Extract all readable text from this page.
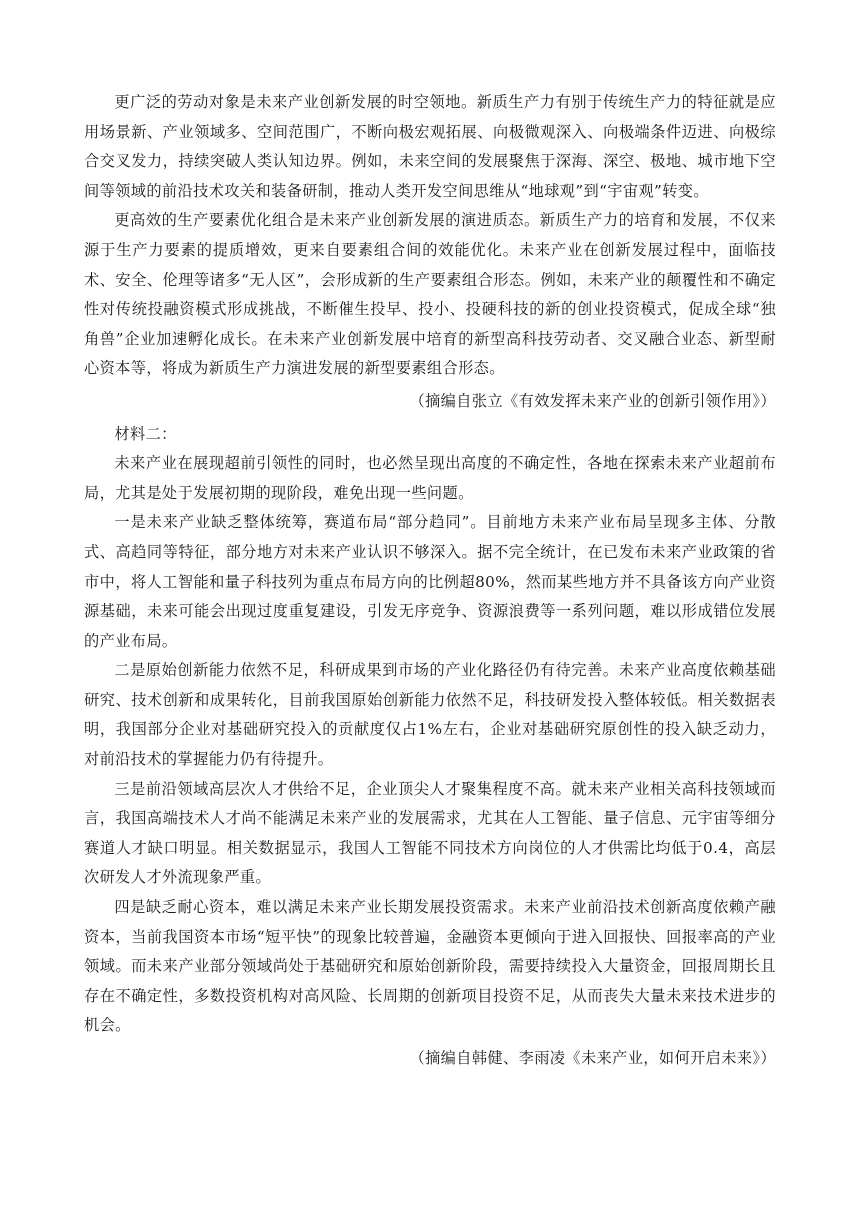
更广泛的劳动对象是未来产业创新发展的时空领地。新质生产力有别于传统生产力的特征就是应用场景新、产业领域多、空间范围广，不断向极宏观拓展、向极微观深入、向极端条件迈进、向极综合交叉发力，持续突破人类认知边界。例如，未来空间的发展聚焦于深海、深空、极地、城市地下空间等领域的前沿技术攻关和装备研制，推动人类开发空间思维从“地球观”到“宇宙观”转变。

更高效的生产要素优化组合是未来产业创新发展的演进质态。新质生产力的培育和发展，不仅来源于生产力要素的提质增效，更来自要素组合间的效能优化。未来产业在创新发展过程中，面临技术、安全、伦理等诸多“无人区”，会形成新的生产要素组合形态。例如，未来产业的颠覆性和不确定性对传统投融资模式形成挑战，不断催生投早、投小、投硬科技的新的创业投资模式，促成全球“独角兽”企业加速孵化成长。在未来产业创新发展中培育的新型高科技劳动者、交叉融合业态、新型耐心资本等，将成为新质生产力演进发展的新型要素组合形态。

（摘编自张立《有效发挥未来产业的创新引领作用》）

材料二：

未来产业在展现超前引领性的同时，也必然呈现出高度的不确定性，各地在探索未来产业超前布局，尤其是处于发展初期的现阶段，难免出现一些问题。

一是未来产业缺乏整体统筹，赛道布局“部分趋同”。目前地方未来产业布局呈现多主体、分散式、高趋同等特征，部分地方对未来产业认识不够深入。据不完全统计，在已发布未来产业政策的省市中，将人工智能和量子科技列为重点布局方向的比例超80%，然而某些地方并不具备该方向产业资源基础，未来可能会出现过度重复建设，引发无序竞争、资源浪费等一系列问题，难以形成错位发展的产业布局。

二是原始创新能力依然不足，科研成果到市场的产业化路径仍有待完善。未来产业高度依赖基础研究、技术创新和成果转化，目前我国原始创新能力依然不足，科技研发投入整体较低。相关数据表明，我国部分企业对基础研究投入的贡献度仅占1%左右，企业对基础研究原创性的投入缺乏动力，对前沿技术的掌握能力仍有待提升。

三是前沿领域高层次人才供给不足，企业顶尖人才聚集程度不高。就未来产业相关高科技领域而言，我国高端技术人才尚不能满足未来产业的发展需求，尤其在人工智能、量子信息、元宇宙等细分赛道人才缺口明显。相关数据显示，我国人工智能不同技术方向岗位的人才供需比均低于0.4，高层次研发人才外流现象严重。

四是缺乏耐心资本，难以满足未来产业长期发展投资需求。未来产业前沿技术创新高度依赖产融资本，当前我国资本市场“短平快”的现象比较普遍，金融资本更倾向于进入回报快、回报率高的产业领域。而未来产业部分领域尚处于基础研究和原始创新阶段，需要持续投入大量资金，回报周期长且存在不确定性，多数投资机构对高风险、长周期的创新项目投资不足，从而丧失大量未来技术进步的机会。

（摘编自韩健、李雨凌《未来产业，如何开启未来》）
